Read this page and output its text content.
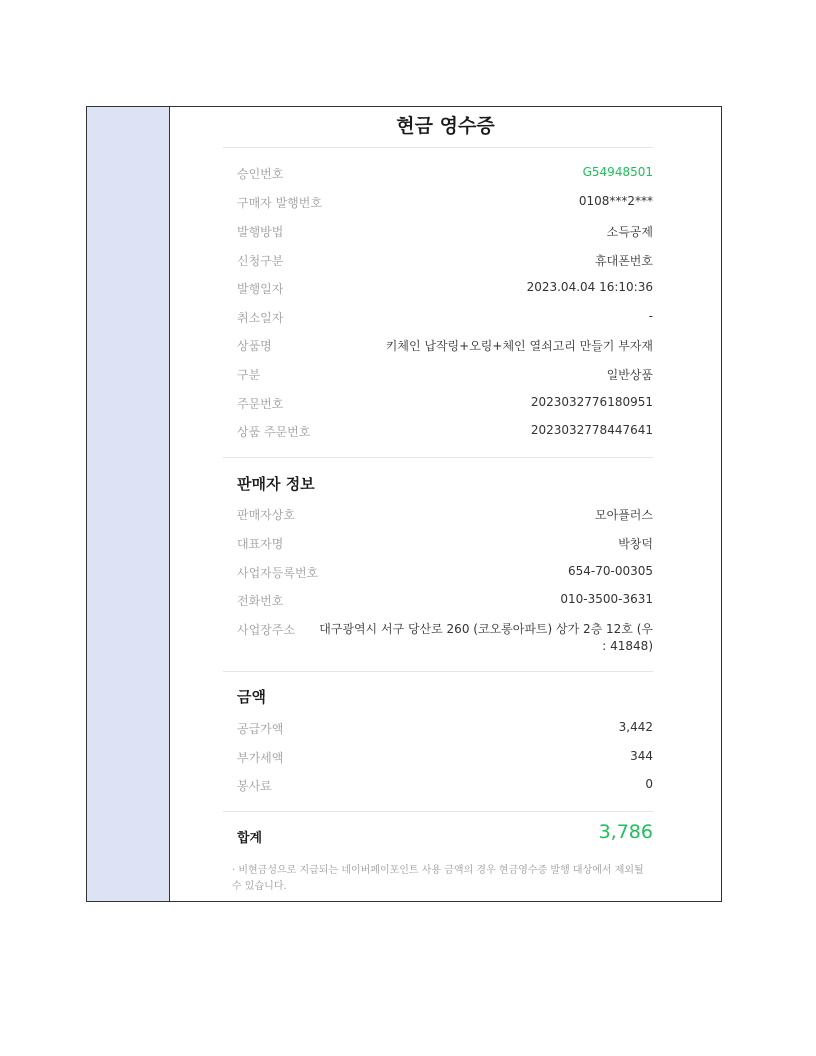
현금 영수증
승인번호	G54948501
구매자 발행번호	0108***2***
발행방법	소득공제
신청구분	휴대폰번호
발행일자	2023.04.04 16:10:36
취소일자	-
상품명	키체인 납작링+오링+체인 열쇠고리 만들기 부자재
구분	일반상품
주문번호	2023032776180951
상품 주문번호	2023032778447641
판매자 정보
판매자상호	모아플러스
대표자명	박창덕
사업자등록번호	654-70-00305
전화번호	010-3500-3631
사업장주소	대구광역시 서구 당산로 260 (코오롱아파트) 상가 2층 12호 (우 : 41848)
금액
공급가액	3,442
부가세액	344
봉사료	0
합계	3,786
· 비현금성으로 지급되는 네이버페이포인트 사용 금액의 경우 현금영수증 발행 대상에서 제외될 수 있습니다.
